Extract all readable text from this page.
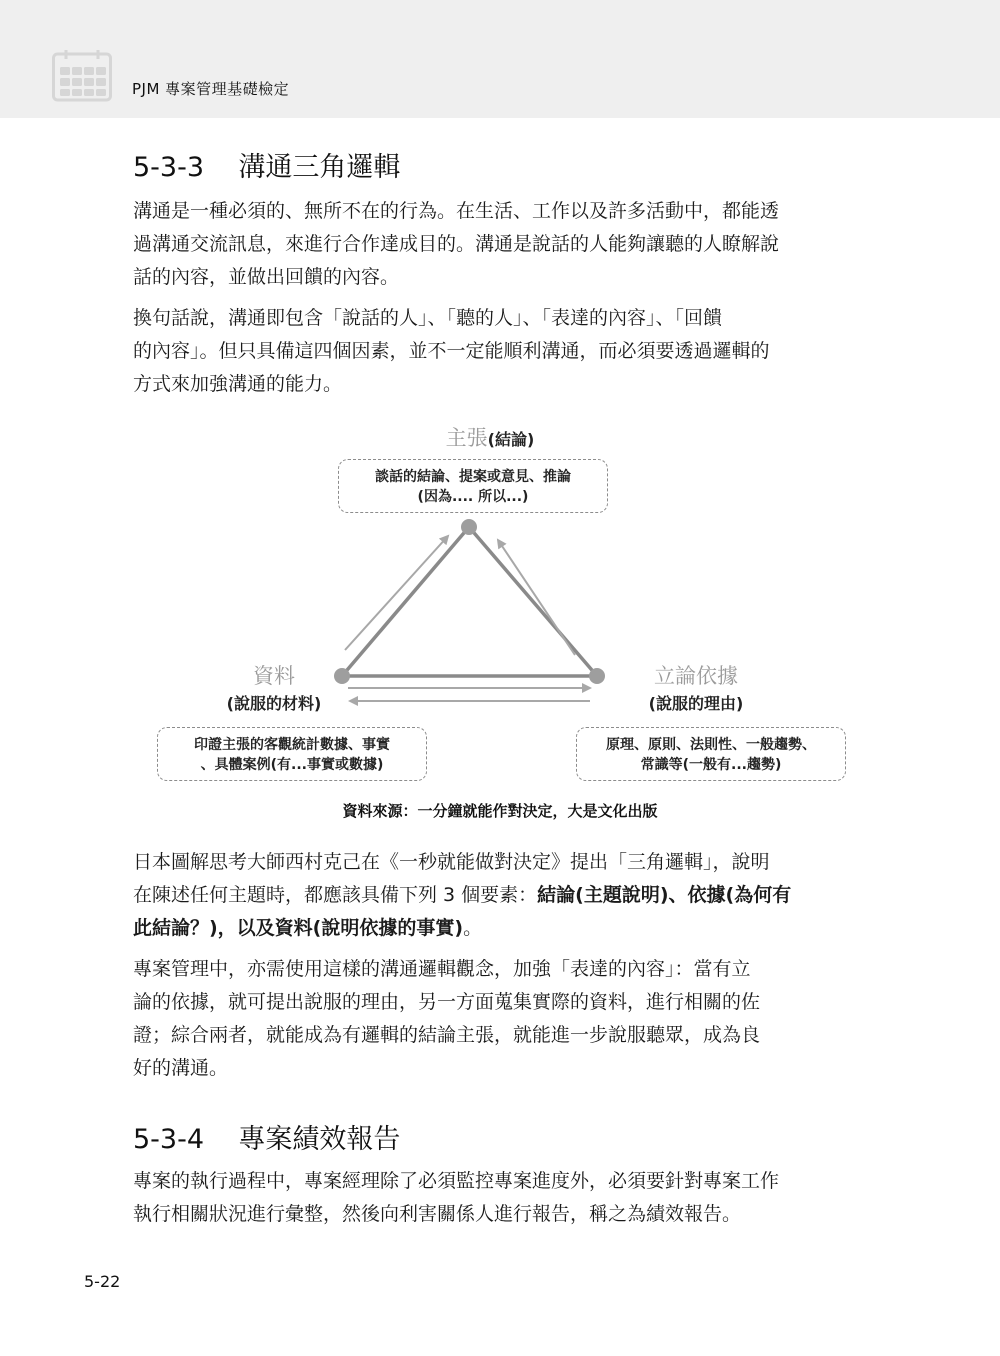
PJM 專案管理基礎檢定
5-3-3 溝通三角邏輯

溝通是一種必須的、無所不在的行為。在生活、工作以及許多活動中，都能透
過溝通交流訊息，來進行合作達成目的。溝通是說話的人能夠讓聽的人瞭解說
話的內容，並做出回饋的內容。

換句話說，溝通即包含「說話的人」、「聽的人」、「表達的內容」、「回饋
的內容」。但只具備這四個因素，並不一定能順利溝通，而必須要透過邏輯的
方式來加強溝通的能力。

主張(結論)
談話的結論、提案或意見、推論
(因為.... 所以...)
資料
(說服的材料)
印證主張的客觀統計數據、事實
、具體案例(有...事實或數據)
立論依據
(說服的理由)
原理、原則、法則性、一般趨勢、
常識等(一般有...趨勢)
資料來源：一分鐘就能作對決定，大是文化出版

日本圖解思考大師西村克己在《一秒就能做對決定》提出「三角邏輯」，說明
在陳述任何主題時，都應該具備下列 3 個要素：結論(主題說明)、依據(為何有
此結論？)，以及資料(說明依據的事實)。

專案管理中，亦需使用這樣的溝通邏輯觀念，加強「表達的內容」：當有立
論的依據，就可提出說服的理由，另一方面蒐集實際的資料，進行相關的佐
證；綜合兩者，就能成為有邏輯的結論主張，就能進一步說服聽眾，成為良
好的溝通。

5-3-4 專案績效報告

專案的執行過程中，專案經理除了必須監控專案進度外，必須要針對專案工作
執行相關狀況進行彙整，然後向利害關係人進行報告，稱之為績效報告。

5-22
